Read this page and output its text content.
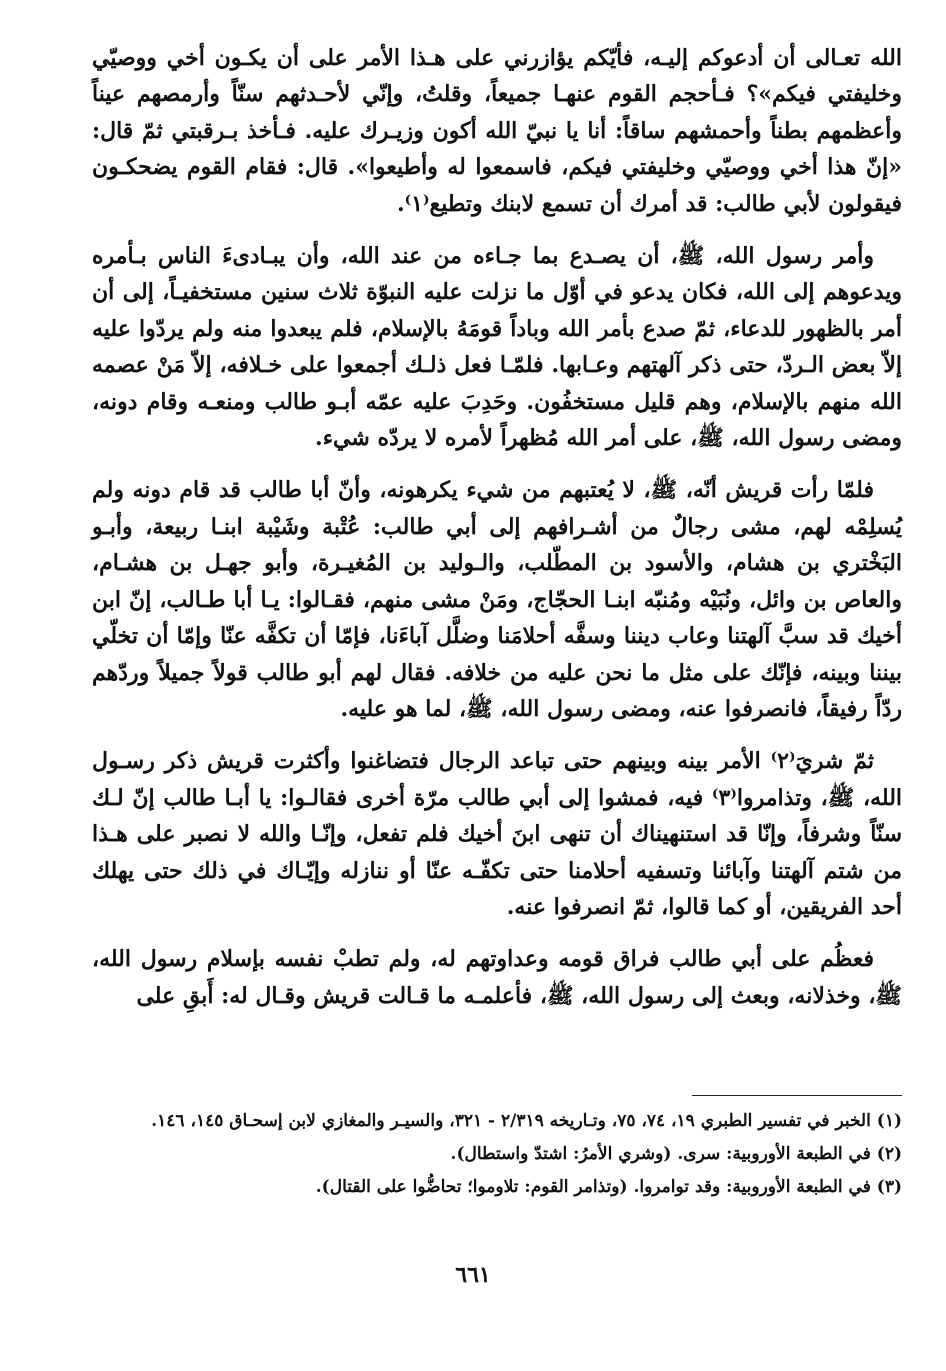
الله تعـالى أن أدعوكم إليـه، فأيّكم يؤازرني على هـذا الأمر على أن يكـون أخي ووصيّي وخليفتي فيكم»؟ فـأحجم القوم عنهـا جميعاً، وقلتُ، وإنّي لأحـدثهم سنّاً وأرمصهم عيناً وأعظمهم بطناً وأحمشهم ساقاً: أنا يا نبيّ الله أكون وزيـرك عليه. فـأخذ بـرقبتي ثمّ قال: «إنّ هذا أخي ووصيّي وخليفتي فيكم، فاسمعوا له وأطيعوا». قال: فقام القوم يضحكـون فيقولون لأبي طالب: قد أمرك أن تسمع لابنك وتطيع⁽١⁾.

وأمر رسول الله، ﷺ، أن يصـدع بما جـاءه من عند الله، وأن يبـادىءَ الناس بـأمره ويدعوهم إلى الله، فكان يدعو في أوّل ما نزلت عليه النبوّة ثلاث سنين مستخفيـاً، إلى أن أمر بالظهور للدعاء، ثمّ صدع بأمر الله وباداً قومَهُ بالإسلام، فلم يبعدوا منه ولم يردّوا عليه إلاّ بعض الـردّ، حتى ذكر آلهتهم وعـابها. فلمّـا فعل ذلـك أجمعوا على خـلافه، إلاّ مَنْ عصمه الله منهم بالإسلام، وهم قليل مستخفُون. وحَدِبَ عليه عمّه أبـو طالب ومنعـه وقام دونه، ومضى رسول الله، ﷺ، على أمر الله مُظهراً لأمره لا يردّه شيء.

فلمّا رأت قريش أنّه، ﷺ، لا يُعتبهم من شيء يكرهونه، وأنّ أبا طالب قد قام دونه ولم يُسلِمْه لهم، مشى رجالٌ من أشـرافهم إلى أبي طالب: عُتْبة وشَيْبة ابنـا ربيعة، وأبـو البَخْتري بن هشام، والأسود بن المطّلب، والـوليد بن المُغيـرة، وأبو جهـل بن هشـام، والعاص بن وائل، ونُبَيْه ومُنبّه ابنـا الحجّاج، ومَنْ مشى منهم، فقـالوا: يـا أبا طـالب، إنّ ابن أخيك قد سبَّ آلهتنا وعاب ديننا وسفَّه أحلامَنا وضلَّل آباءَنا، فإمّا أن تكفَّه عنّا وإمّا أن تخلّي بيننا وبينه، فإنّك على مثل ما نحن عليه من خلافه. فقال لهم أبو طالب قولاً جميلاً وردّهم ردّاً رفيقاً، فانصرفوا عنه، ومضى رسول الله، ﷺ، لما هو عليه.

ثمّ شريَ⁽٢⁾ الأمر بينه وبينهم حتى تباعد الرجال فتضاغنوا وأكثرت قريش ذكر رسـول الله، ﷺ، وتذامروا⁽٣⁾ فيه، فمشوا إلى أبي طالب مرّة أخرى فقالـوا: يا أبـا طالب إنّ لـك سنّاً وشرفاً، وإنّا قد استنهيناك أن تنهى ابنَ أخيك فلم تفعل، وإنّـا والله لا نصبر على هـذا من شتم آلهتنا وآبائنا وتسفيه أحلامنا حتى تكفّـه عنّا أو ننازله وإيّـاك في ذلك حتى يهلك أحد الفريقين، أو كما قالوا، ثمّ انصرفوا عنه.

فعظُم على أبي طالب فراق قومه وعداوتهم له، ولم تطبْ نفسه بإسلام رسول الله، ﷺ، وخذلانه، وبعث إلى رسول الله، ﷺ، فأعلمـه ما قـالت قريش وقـال له: أَبقِ على

(١) الخبر في تفسير الطبري ١٩، ٧٤، ٧٥، وتـاريخه ٢/٣١٩ - ٣٢١، والسيـر والمغازي لابن إسحـاق ١٤٥، ١٤٦.

(٢) في الطبعة الأوروبية: سرى. (وشري الأمرُ: اشتدّ واستطال).

(٣) في الطبعة الأوروبية: وقد توامروا. (وتذامر القوم: تلاوموا؛ تحاضُّوا على القتال).

٦٦١
